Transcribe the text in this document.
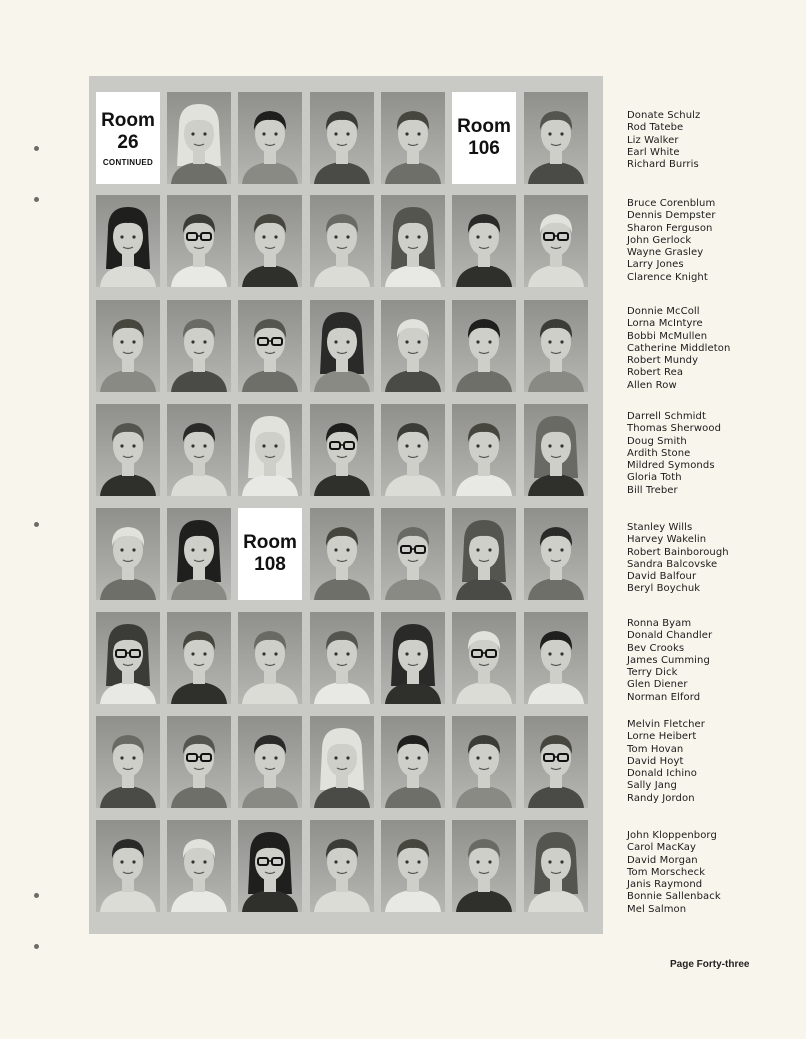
Room
26
CONTINUED
Room
106
Room
108
Donate Schulz
Rod Tatebe
Liz Walker
Earl White
Richard Burris
Bruce Corenblum
Dennis Dempster
Sharon Ferguson
John Gerlock
Wayne Grasley
Larry Jones
Clarence Knight
Donnie McColl
Lorna McIntyre
Bobbi McMullen
Catherine Middleton
Robert Mundy
Robert Rea
Allen Row
Darrell Schmidt
Thomas Sherwood
Doug Smith
Ardith Stone
Mildred Symonds
Gloria Toth
Bill Treber
Stanley Wills
Harvey Wakelin
Robert Bainborough
Sandra Balcovske
David Balfour
Beryl Boychuk
Ronna Byam
Donald Chandler
Bev Crooks
James Cumming
Terry Dick
Glen Diener
Norman Elford
Melvin Fletcher
Lorne Heibert
Tom Hovan
David Hoyt
Donald Ichino
Sally Jang
Randy Jordon
John Kloppenborg
Carol MacKay
David Morgan
Tom Morscheck
Janis Raymond
Bonnie Sallenback
Mel Salmon
Page Forty-three
